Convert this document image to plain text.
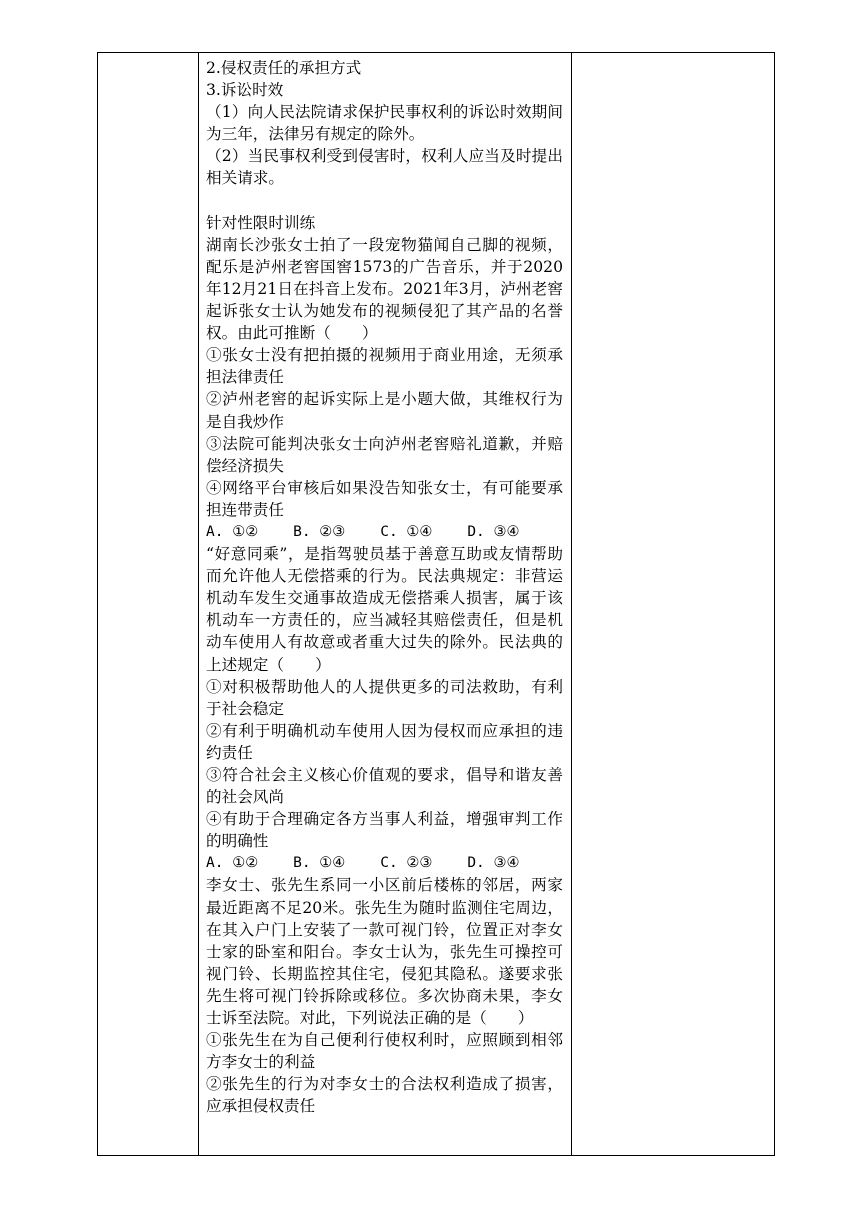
2.侵权责任的承担方式
3.诉讼时效
（1）向人民法院请求保护民事权利的诉讼时效期间为三年，法律另有规定的除外。
（2）当民事权利受到侵害时，权利人应当及时提出相关请求。
针对性限时训练
湖南长沙张女士拍了一段宠物猫闻自己脚的视频，配乐是泸州老窖国窖1573的广告音乐，并于2020年12月21日在抖音上发布。2021年3月，泸州老窖起诉张女士认为她发布的视频侵犯了其产品的名誉权。由此可推断（　　）
①张女士没有把拍摄的视频用于商业用途，无须承担法律责任
②泸州老窖的起诉实际上是小题大做，其维权行为是自我炒作
③法院可能判决张女士向泸州老窖赔礼道歉，并赔偿经济损失
④网络平台审核后如果没告知张女士，有可能要承担连带责任
A. ①②    B. ②③    C. ①④    D. ③④
“好意同乘”，是指驾驶员基于善意互助或友情帮助而允许他人无偿搭乘的行为。民法典规定：非营运机动车发生交通事故造成无偿搭乘人损害，属于该机动车一方责任的，应当减轻其赔偿责任，但是机动车使用人有故意或者重大过失的除外。民法典的上述规定（　　）
①对积极帮助他人的人提供更多的司法救助，有利于社会稳定
②有利于明确机动车使用人因为侵权而应承担的违约责任
③符合社会主义核心价值观的要求，倡导和谐友善的社会风尚
④有助于合理确定各方当事人利益，增强审判工作的明确性
A. ①②    B. ①④    C. ②③    D. ③④
李女士、张先生系同一小区前后楼栋的邻居，两家最近距离不足20米。张先生为随时监测住宅周边，在其入户门上安装了一款可视门铃，位置正对李女士家的卧室和阳台。李女士认为，张先生可操控可视门铃、长期监控其住宅，侵犯其隐私。遂要求张先生将可视门铃拆除或移位。多次协商未果，李女士诉至法院。对此，下列说法正确的是（　　）
①张先生在为自己便利行使权利时，应照顾到相邻方李女士的利益
②张先生的行为对李女士的合法权利造成了损害，应承担侵权责任
